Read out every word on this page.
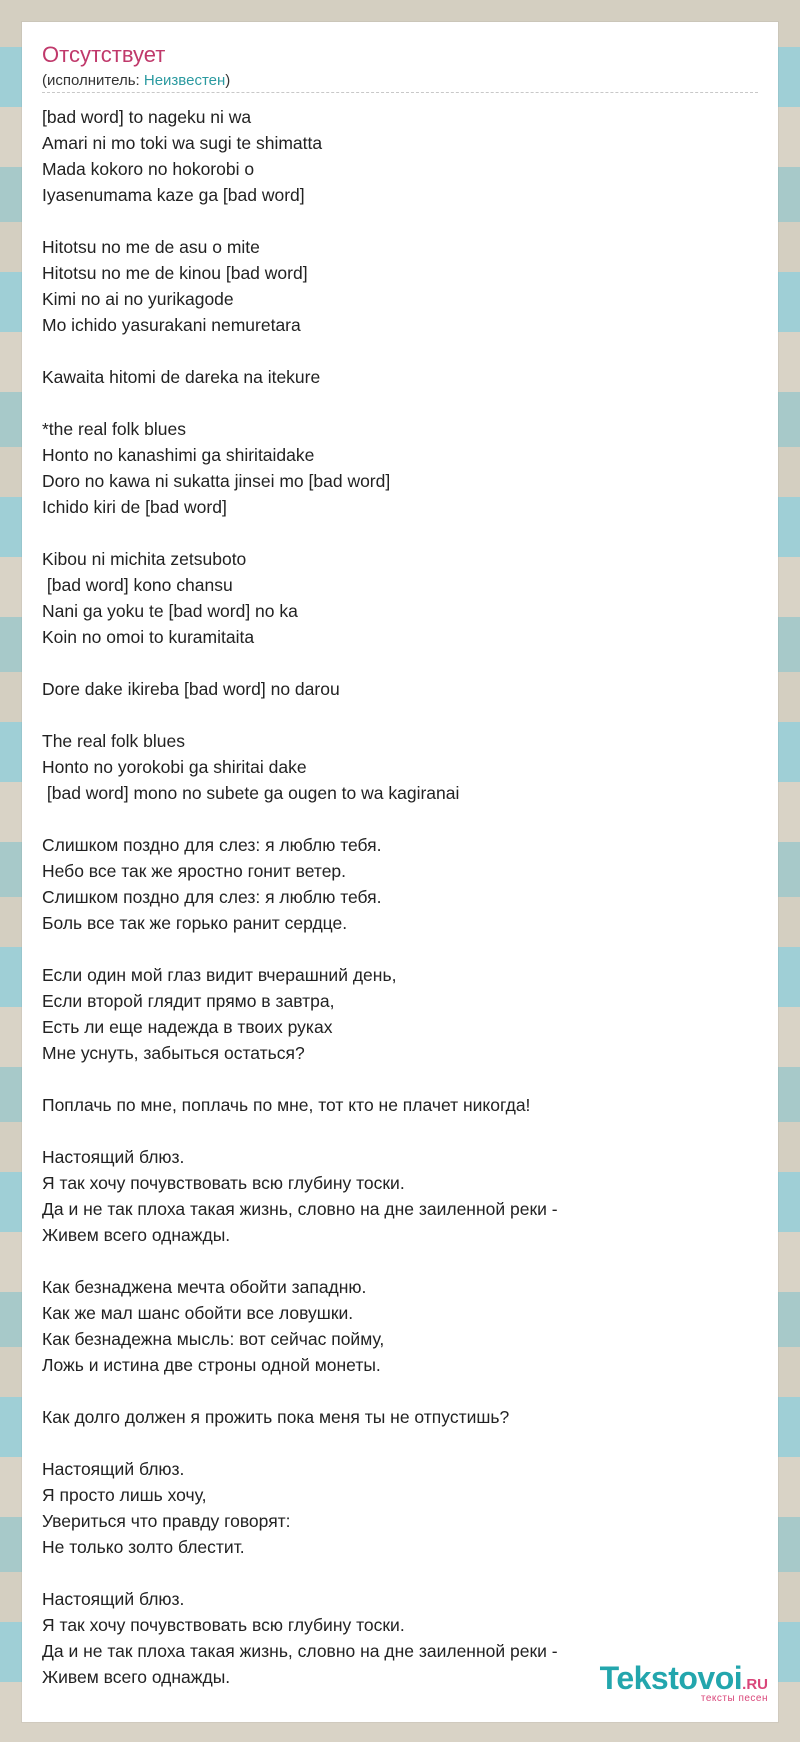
Отсутствует
(исполнитель: Неизвестен)
[bad word] to nageku ni wa
Amari ni mo toki wa sugi te shimatta
Mada kokoro no hokorobi o
Iyasenumama kaze ga [bad word]

Hitotsu no me de asu o mite
Hitotsu no me de kinou [bad word]
Kimi no ai no yurikagode
Mo ichido yasurakani nemuretara

Kawaita hitomi de dareka na itekure

*the real folk blues
Honto no kanashimi ga shiritaidake
Doro no kawa ni sukatta jinsei mo [bad word]
Ichido kiri de [bad word]

Kibou ni michita zetsuboto
[bad word] kono chansu
Nani ga yoku te [bad word] no ka
Koin no omoi to kuramitaita

Dore dake ikireba [bad word] no darou

The real folk blues
Honto no yorokobi ga shiritai dake
[bad word] mono no subete ga ougen to wa kagiranai

Слишком поздно для слез: я люблю тебя.
Небо все так же яростно гонит ветер.
Слишком поздно для слез: я люблю тебя.
Боль все так же горько ранит сердце.

Если один мой глаз видит вчерашний день,
Если второй глядит прямо в завтра,
Есть ли еще надежда в твоих руках
Мне уснуть, забыться остаться?

Поплачь по мне, поплачь по мне, тот кто не плачет никогда!

Настоящий блюз.
Я так хочу почувствовать всю глубину тоски.
Да и не так плоха такая жизнь, словно на дне заиленной реки -
Живем всего однажды.

Как безнаджена мечта обойти западню.
Как же мал шанс обойти все ловушки.
Как безнадежна мысль: вот сейчас пойму,
Ложь и истина две строны одной монеты.

Как долго должен я прожить пока меня ты не отпустишь?

Настоящий блюз.
Я просто лишь хочу,
Увериться что правду говорят:
Не только золто блестит.

Настоящий блюз.
Я так хочу почувствовать всю глубину тоски.
Да и не так плоха такая жизнь, словно на дне заиленной реки -
Живем всего однажды.	Tekstovoi.RU
тексты песен
